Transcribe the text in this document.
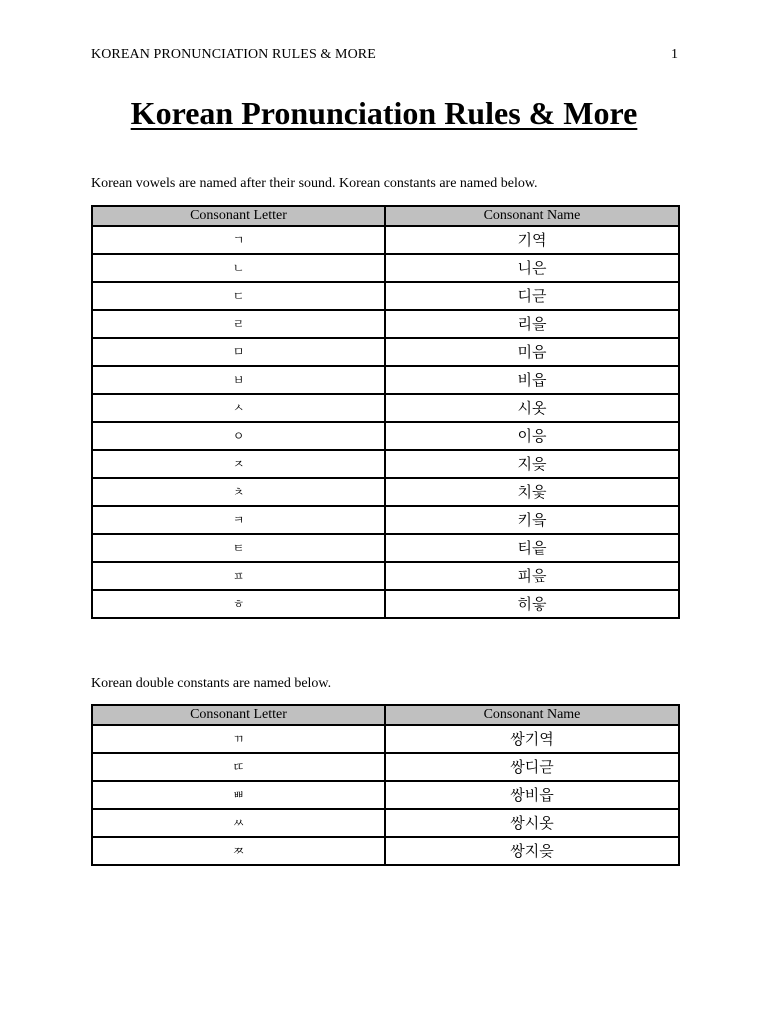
KOREAN PRONUNCIATION RULES & MORE	1
Korean Pronunciation Rules & More
Korean vowels are named after their sound. Korean constants are named below.
Consonant Letter	Consonant Name
ㄱ	기역
ㄴ	니은
ㄷ	디귿
ㄹ	리을
ㅁ	미음
ㅂ	비읍
ㅅ	시옷
ㅇ	이응
ㅈ	지읒
ㅊ	치읓
ㅋ	키읔
ㅌ	티읕
ㅍ	피읖
ㅎ	히읗
Korean double constants are named below.
Consonant Letter	Consonant Name
ㄲ	쌍기역
ㄸ	쌍디귿
ㅃ	쌍비읍
ㅆ	쌍시옷
ㅉ	쌍지읒
